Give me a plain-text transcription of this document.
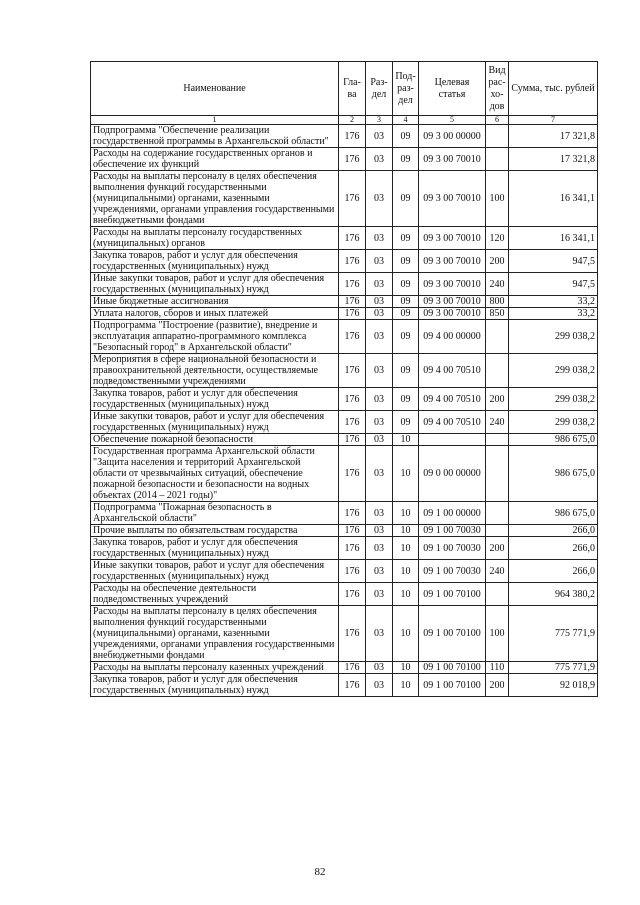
Наименование	Гла-ва	Раз-дел	Под-раз-дел	Целевая статья	Вид рас-хо-дов	Сумма, тыс. рублей
1	2	3	4	5	6	7
Подпрограмма "Обеспечение реализации государственной программы в Архангельской области"	176	03	09	09 3 00 00000		17 321,8
Расходы на содержание государственных органов и обеспечение их функций	176	03	09	09 3 00 70010		17 321,8
Расходы на выплаты персоналу в целях обеспечения выполнения функций государственными (муниципальными) органами, казенными учреждениями, органами управления государственными внебюджетными фондами	176	03	09	09 3 00 70010	100	16 341,1
Расходы на выплаты персоналу государственных (муниципальных) органов	176	03	09	09 3 00 70010	120	16 341,1
Закупка товаров, работ и услуг для обеспечения государственных (муниципальных) нужд	176	03	09	09 3 00 70010	200	947,5
Иные закупки товаров, работ и услуг для обеспечения государственных (муниципальных) нужд	176	03	09	09 3 00 70010	240	947,5
Иные бюджетные ассигнования	176	03	09	09 3 00 70010	800	33,2
Уплата налогов, сборов и иных платежей	176	03	09	09 3 00 70010	850	33,2
Подпрограмма "Построение (развитие), внедрение и эксплуатация аппаратно-программного комплекса "Безопасный город" в Архангельской области"	176	03	09	09 4 00 00000		299 038,2
Мероприятия в сфере национальной безопасности и правоохранительной деятельности, осуществляемые подведомственными учреждениями	176	03	09	09 4 00 70510		299 038,2
Закупка товаров, работ и услуг для обеспечения государственных (муниципальных) нужд	176	03	09	09 4 00 70510	200	299 038,2
Иные закупки товаров, работ и услуг для обеспечения государственных (муниципальных) нужд	176	03	09	09 4 00 70510	240	299 038,2
Обеспечение пожарной безопасности	176	03	10			986 675,0
Государственная программа Архангельской области "Защита населения и территорий Архангельской области от чрезвычайных ситуаций, обеспечение пожарной безопасности и безопасности на водных объектах (2014 – 2021 годы)"	176	03	10	09 0 00 00000		986 675,0
Подпрограмма "Пожарная безопасность в Архангельской области"	176	03	10	09 1 00 00000		986 675,0
Прочие выплаты по обязательствам государства	176	03	10	09 1 00 70030		266,0
Закупка товаров, работ и услуг для обеспечения государственных (муниципальных) нужд	176	03	10	09 1 00 70030	200	266,0
Иные закупки товаров, работ и услуг для обеспечения государственных (муниципальных) нужд	176	03	10	09 1 00 70030	240	266,0
Расходы на обеспечение деятельности подведомственных учреждений	176	03	10	09 1 00 70100		964 380,2
Расходы на выплаты персоналу в целях обеспечения выполнения функций государственными (муниципальными) органами, казенными учреждениями, органами управления государственными внебюджетными фондами	176	03	10	09 1 00 70100	100	775 771,9
Расходы на выплаты персоналу казенных учреждений	176	03	10	09 1 00 70100	110	775 771,9
Закупка товаров, работ и услуг для обеспечения государственных (муниципальных) нужд	176	03	10	09 1 00 70100	200	92 018,9
82
